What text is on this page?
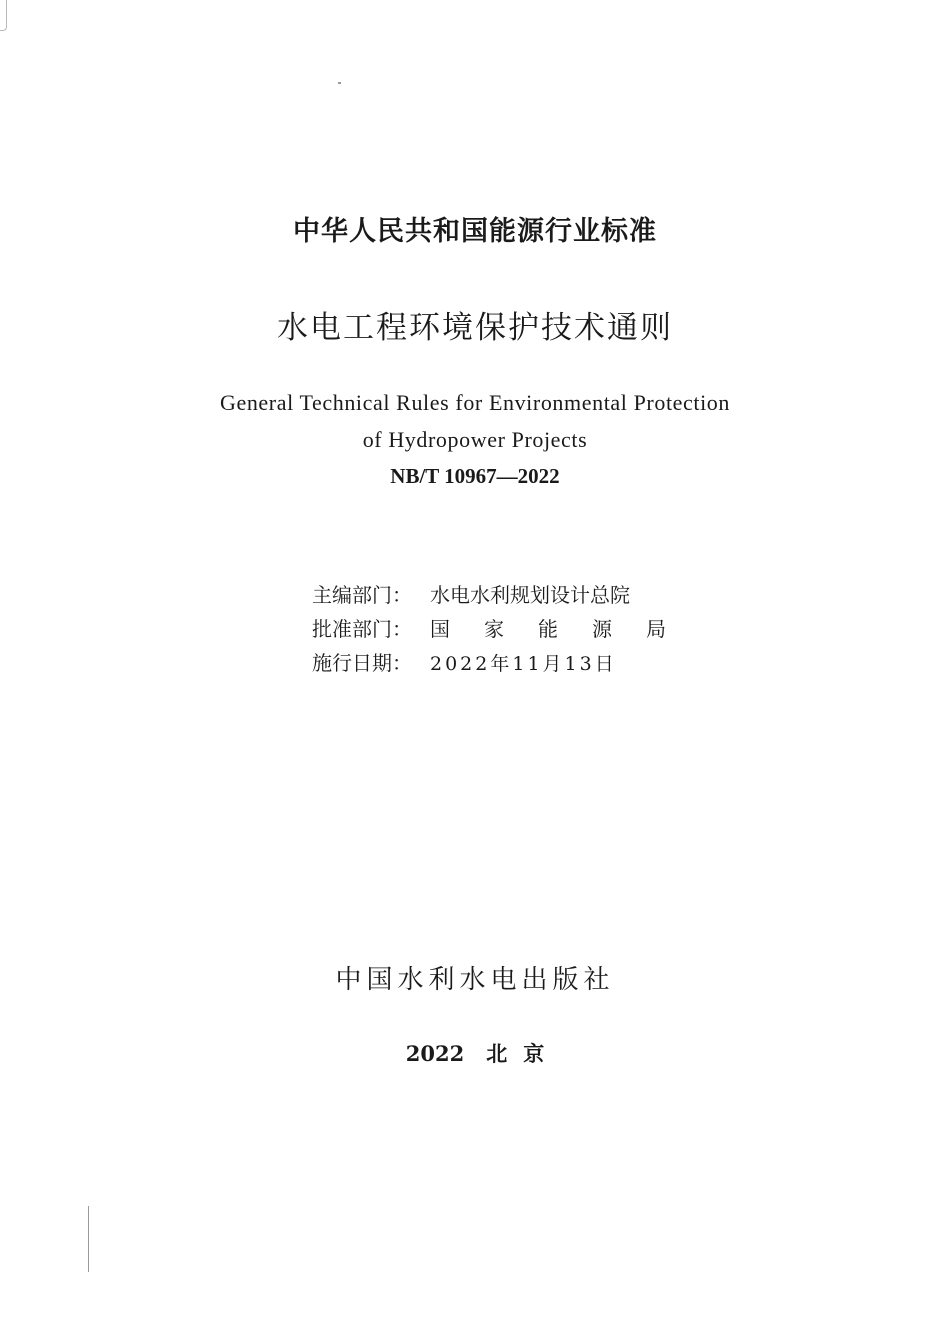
中华人民共和国能源行业标准
水电工程环境保护技术通则
General Technical Rules for Environmental Protection
of Hydropower Projects
NB/T 10967—2022
主编部门： 水电水利规划设计总院
批准部门： 国 家 能 源 局
施行日期： 2022年11月13日
中国水利水电出版社
2022 北 京
